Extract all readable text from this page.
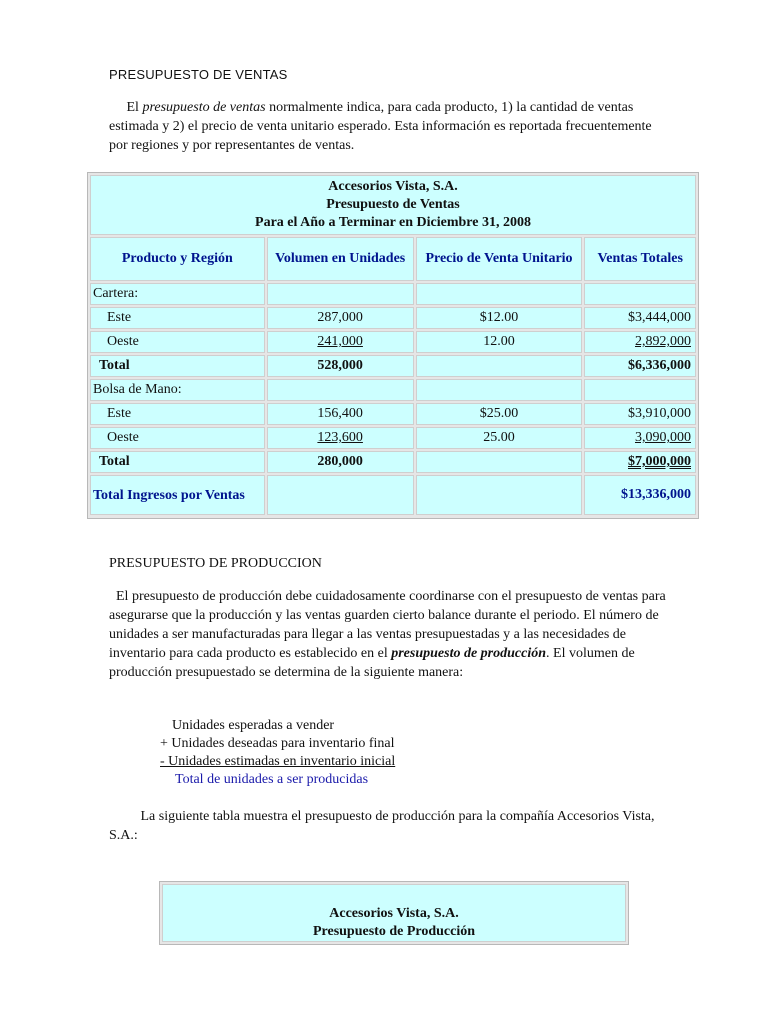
PRESUPUESTO DE VENTAS
  El presupuesto de ventas normalmente indica, para cada producto, 1) la cantidad de ventas estimada y 2) el precio de venta unitario esperado. Esta información es reportada frecuentemente por regiones y por representantes de ventas.
Accesorios Vista, S.A.
Presupuesto de Ventas
Para el Año a Terminar en Diciembre 31, 2008			

Producto y Región	Volumen en Unidades	Precio de Venta Unitario	Ventas Totales
Cartera:			
Este	287,000	$12.00	$3,444,000
Oeste	241,000	12.00	2,892,000
Total	528,000		$6,336,000
Bolsa de Mano:			
Este	156,400	$25.00	$3,910,000
Oeste	123,600	25.00	3,090,000
Total	280,000		$7,000,000
Total Ingresos por Ventas			$13,336,000
PRESUPUESTO DE PRODUCCION
El presupuesto de producción debe cuidadosamente coordinarse con el presupuesto de ventas para asegurarse que la producción y las ventas guarden cierto balance durante el periodo. El número de unidades a ser manufacturadas para llegar a las ventas presupuestadas y a las necesidades de inventario para cada producto es establecido en el presupuesto de producción. El volumen de producción presupuestado se determina de la siguiente manera:
Unidades esperadas a vender
+ Unidades deseadas para inventario final
- Unidades estimadas en inventario inicial
Total de unidades a ser producidas
   La siguiente tabla muestra el presupuesto de producción para la compañía Accesorios Vista, S.A.:
Accesorios Vista, S.A.
Presupuesto de Producción
